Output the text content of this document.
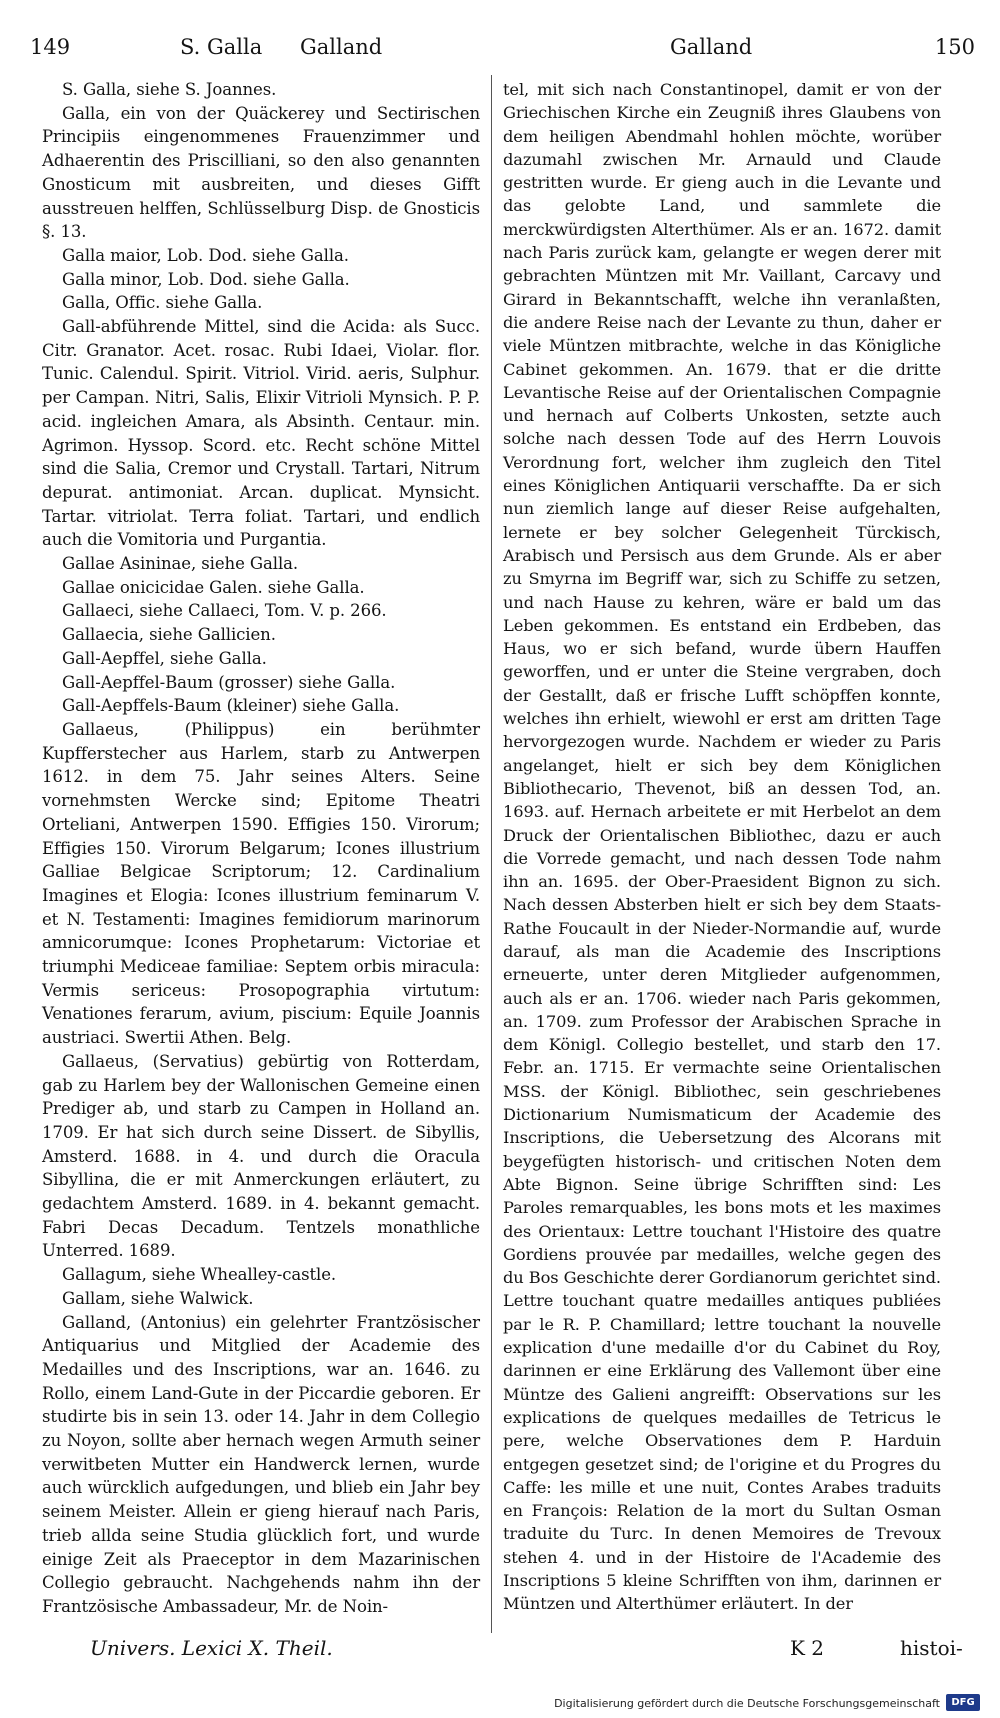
149	S. Galla Galland	Galland	150

S. Galla, siehe S. Joannes.

Galla, ein von der Quäckerey und Sectirischen Principiis eingenommenes Frauenzimmer und Adhaerentin des Priscilliani, so den also genannten Gnosticum mit ausbreiten, und dieses Gifft ausstreuen helffen, Schlüsselburg Disp. de Gnosticis §. 13.

Galla maior, Lob. Dod. siehe Galla.

Galla minor, Lob. Dod. siehe Galla.

Galla, Offic. siehe Galla.

Gall-abführende Mittel, sind die Acida: als Succ. Citr. Granator. Acet. rosac. Rubi Idaei, Violar. flor. Tunic. Calendul. Spirit. Vitriol. Virid. aeris, Sulphur. per Campan. Nitri, Salis, Elixir Vitrioli Mynsich. P. P. acid. ingleichen Amara, als Absinth. Centaur. min. Agrimon. Hyssop. Scord. etc. Recht schöne Mittel sind die Salia, Cremor und Crystall. Tartari, Nitrum depurat. antimoniat. Arcan. duplicat. Mynsicht. Tartar. vitriolat. Terra foliat. Tartari, und endlich auch die Vomitoria und Purgantia.

Gallae Asininae, siehe Galla.

Gallae onicicidae Galen. siehe Galla.

Gallaeci, siehe Callaeci, Tom. V. p. 266.

Gallaecia, siehe Gallicien.

Gall-Aepffel, siehe Galla.

Gall-Aepffel-Baum (grosser) siehe Galla.

Gall-Aepffels-Baum (kleiner) siehe Galla.

Gallaeus, (Philippus) ein berühmter Kupfferstecher aus Harlem, starb zu Antwerpen 1612. in dem 75. Jahr seines Alters. Seine vornehmsten Wercke sind; Epitome Theatri Orteliani, Antwerpen 1590. Effigies 150. Virorum; Effigies 150. Virorum Belgarum; Icones illustrium Galliae Belgicae Scriptorum; 12. Cardinalium Imagines et Elogia: Icones illustrium feminarum V. et N. Testamenti: Imagines femidiorum marinorum amnicorumque: Icones Prophetarum: Victoriae et triumphi Mediceae familiae: Septem orbis miracula: Vermis sericeus: Prosopographia virtutum: Venationes ferarum, avium, piscium: Equile Joannis austriaci. Swertii Athen. Belg.

Gallaeus, (Servatius) gebürtig von Rotterdam, gab zu Harlem bey der Wallonischen Gemeine einen Prediger ab, und starb zu Campen in Holland an. 1709. Er hat sich durch seine Dissert. de Sibyllis, Amsterd. 1688. in 4. und durch die Oracula Sibyllina, die er mit Anmerckungen erläutert, zu gedachtem Amsterd. 1689. in 4. bekannt gemacht. Fabri Decas Decadum. Tentzels monathliche Unterred. 1689.

Gallagum, siehe Whealley-castle.

Gallam, siehe Walwick.

Galland, (Antonius) ein gelehrter Frantzösischer Antiquarius und Mitglied der Academie des Medailles und des Inscriptions, war an. 1646. zu Rollo, einem Land-Gute in der Piccardie geboren. Er studirte bis in sein 13. oder 14. Jahr in dem Collegio zu Noyon, sollte aber hernach wegen Armuth seiner verwitbeten Mutter ein Handwerck lernen, wurde auch würcklich aufgedungen, und blieb ein Jahr bey seinem Meister. Allein er gieng hierauf nach Paris, trieb allda seine Studia glücklich fort, und wurde einige Zeit als Praeceptor in dem Mazarinischen Collegio gebraucht. Nachgehends nahm ihn der Frantzösische Ambassadeur, Mr. de Noin-

tel, mit sich nach Constantinopel, damit er von der Griechischen Kirche ein Zeugniß ihres Glaubens von dem heiligen Abendmahl hohlen möchte, worüber dazumahl zwischen Mr. Arnauld und Claude gestritten wurde. Er gieng auch in die Levante und das gelobte Land, und sammlete die merckwürdigsten Alterthümer. Als er an. 1672. damit nach Paris zurück kam, gelangte er wegen derer mit gebrachten Müntzen mit Mr. Vaillant, Carcavy und Girard in Bekanntschafft, welche ihn veranlaßten, die andere Reise nach der Levante zu thun, daher er viele Müntzen mitbrachte, welche in das Königliche Cabinet gekommen. An. 1679. that er die dritte Levantische Reise auf der Orientalischen Compagnie und hernach auf Colberts Unkosten, setzte auch solche nach dessen Tode auf des Herrn Louvois Verordnung fort, welcher ihm zugleich den Titel eines Königlichen Antiquarii verschaffte. Da er sich nun ziemlich lange auf dieser Reise aufgehalten, lernete er bey solcher Gelegenheit Türckisch, Arabisch und Persisch aus dem Grunde. Als er aber zu Smyrna im Begriff war, sich zu Schiffe zu setzen, und nach Hause zu kehren, wäre er bald um das Leben gekommen. Es entstand ein Erdbeben, das Haus, wo er sich befand, wurde übern Hauffen geworffen, und er unter die Steine vergraben, doch der Gestallt, daß er frische Lufft schöpffen konnte, welches ihn erhielt, wiewohl er erst am dritten Tage hervorgezogen wurde. Nachdem er wieder zu Paris angelanget, hielt er sich bey dem Königlichen Bibliothecario, Thevenot, biß an dessen Tod, an. 1693. auf. Hernach arbeitete er mit Herbelot an dem Druck der Orientalischen Bibliothec, dazu er auch die Vorrede gemacht, und nach dessen Tode nahm ihn an. 1695. der Ober-Praesident Bignon zu sich. Nach dessen Absterben hielt er sich bey dem Staats-Rathe Foucault in der Nieder-Normandie auf, wurde darauf, als man die Academie des Inscriptions erneuerte, unter deren Mitglieder aufgenommen, auch als er an. 1706. wieder nach Paris gekommen, an. 1709. zum Professor der Arabischen Sprache in dem Königl. Collegio bestellet, und starb den 17. Febr. an. 1715. Er vermachte seine Orientalischen MSS. der Königl. Bibliothec, sein geschriebenes Dictionarium Numismaticum der Academie des Inscriptions, die Uebersetzung des Alcorans mit beygefügten historisch- und critischen Noten dem Abte Bignon. Seine übrige Schrifften sind: Les Paroles remarquables, les bons mots et les maximes des Orientaux: Lettre touchant l'Histoire des quatre Gordiens prouvée par medailles, welche gegen des du Bos Geschichte derer Gordianorum gerichtet sind. Lettre touchant quatre medailles antiques publiées par le R. P. Chamillard; lettre touchant la nouvelle explication d'une medaille d'or du Cabinet du Roy, darinnen er eine Erklärung des Vallemont über eine Müntze des Galieni angreifft: Observations sur les explications de quelques medailles de Tetricus le pere, welche Observationes dem P. Harduin entgegen gesetzet sind; de l'origine et du Progres du Caffe: les mille et une nuit, Contes Arabes traduits en François: Relation de la mort du Sultan Osman traduite du Turc. In denen Memoires de Trevoux stehen 4. und in der Histoire de l'Academie des Inscriptions 5 kleine Schrifften von ihm, darinnen er Müntzen und Alterthümer erläutert. In der

Univers. Lexici X. Theil.	K 2	histoi-
Digitalisierung gefördert durch die Deutsche Forschungsgemeinschaft	DFG
